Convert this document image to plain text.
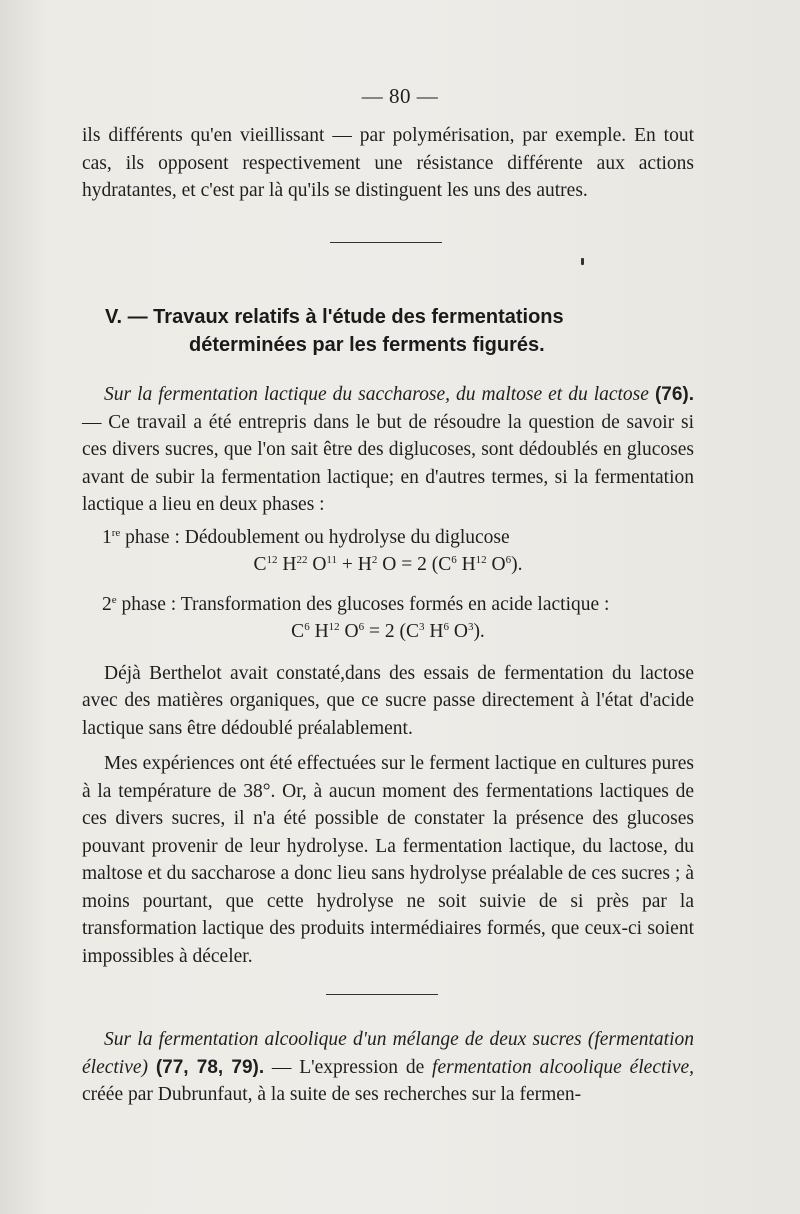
— 80 —

ils différents qu'en vieillissant — par polymérisation, par exemple. En tout cas, ils opposent respectivement une résistance différente aux actions hydratantes, et c'est par là qu'ils se distinguent les uns des autres.

V. — Travaux relatifs à l'étude des fermentations
déterminées par les ferments figurés.

Sur la fermentation lactique du saccharose, du maltose et du lactose (76). — Ce travail a été entrepris dans le but de résoudre la question de savoir si ces divers sucres, que l'on sait être des diglucoses, sont dédoublés en glucoses avant de subir la fermentation lactique; en d'autres termes, si la fermentation lactique a lieu en deux phases :

1re phase : Dédoublement ou hydrolyse du diglucose

$C^{12}$ $H^{22}$ $O^{11} + H^2$ O = 2 ($C^6$ $H^{12}$ $O^6$).

2e phase : Transformation des glucoses formés en acide lactique :

$C^6$ $H^{12}$ $O^6 = 2$ ($C^3$ $H^6$ $O^3$).

Déjà Berthelot avait constaté,dans des essais de fermentation du lactose avec des matières organiques, que ce sucre passe directement à l'état d'acide lactique sans être dédoublé préalablement.

Mes expériences ont été effectuées sur le ferment lactique en cultures pures à la température de 38°. Or, à aucun moment des fermentations lactiques de ces divers sucres, il n'a été possible de constater la présence des glucoses pouvant provenir de leur hydrolyse. La fermentation lactique, du lactose, du maltose et du saccharose a donc lieu sans hydrolyse préalable de ces sucres ; à moins pourtant, que cette hydrolyse ne soit suivie de si près par la transformation lactique des produits intermédiaires formés, que ceux-ci soient impossibles à déceler.

Sur la fermentation alcoolique d'un mélange de deux sucres (fermentation élective) (77, 78, 79). — L'expression de fermentation alcoolique élective, créée par Dubrunfaut, à la suite de ses recherches sur la fermen-
